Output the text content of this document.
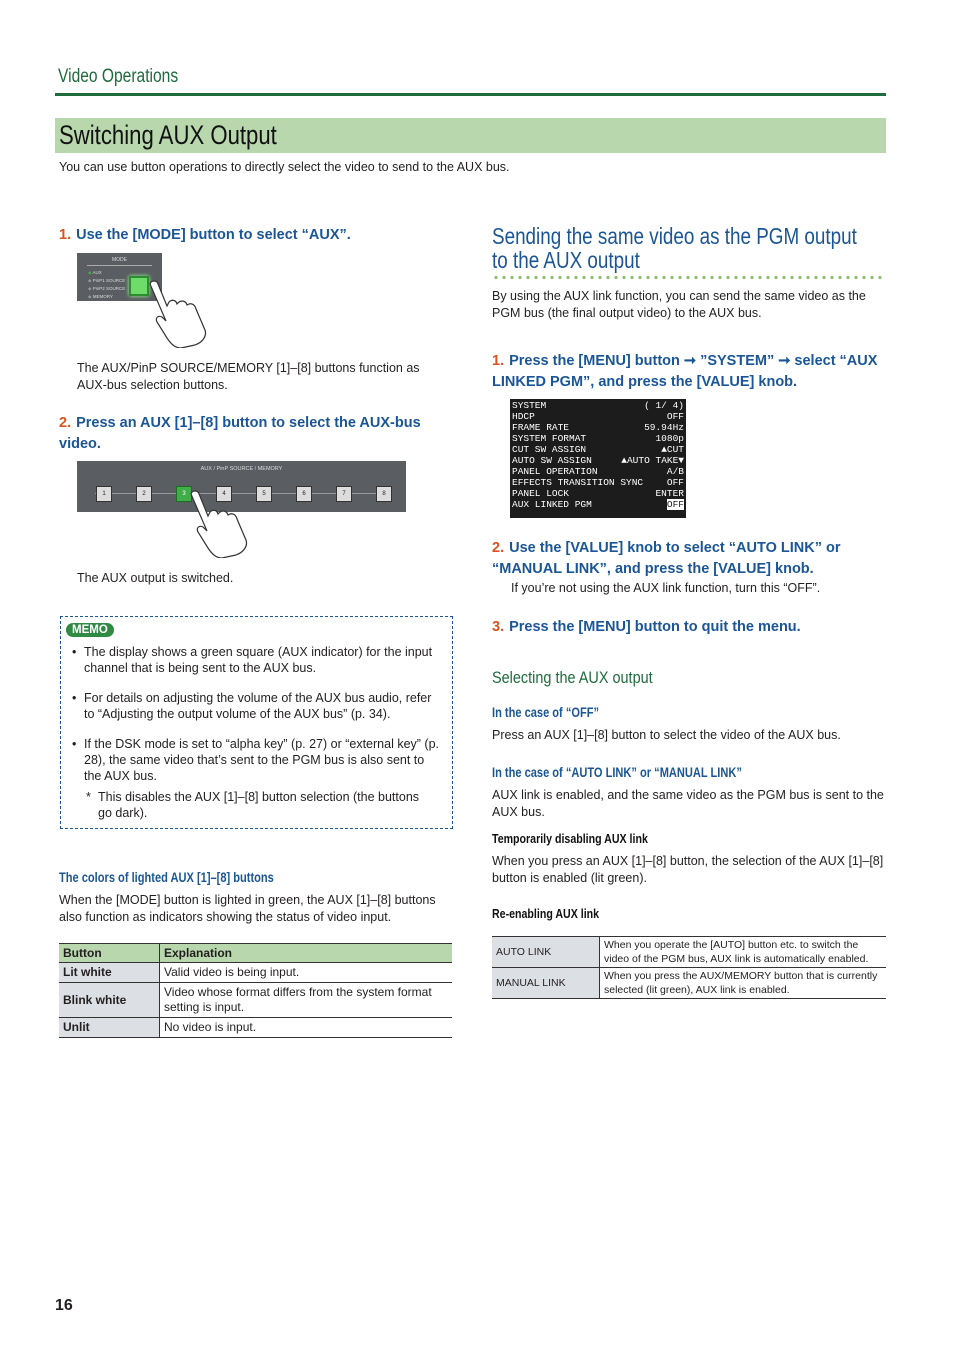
Video Operations
Switching AUX Output
You can use button operations to directly select the video to send to the AUX bus.
1. Use the [MODE] button to select “AUX”.
MODE
◆ AUX
◆ PinP1 SOURCE
◆ PinP2 SOURCE
◆ MEMORY
The AUX/PinP SOURCE/MEMORY [1]–[8] buttons function as AUX-bus selection buttons.
2. Press an AUX [1]–[8] button to select the AUX-bus video.
AUX / PinP SOURCE / MEMORY
1	2	3	4	5	6	7	8
The AUX output is switched.
MEMO
• The display shows a green square (AUX indicator) for the input channel that is being sent to the AUX bus.
• For details on adjusting the volume of the AUX bus audio, refer to “Adjusting the output volume of the AUX bus” (p. 34).
• If the DSK mode is set to “alpha key” (p. 27) or “external key” (p. 28), the same video that’s sent to the PGM bus is also sent to the AUX bus.
* This disables the AUX [1]–[8] button selection (the buttons go dark).
The colors of lighted AUX [1]–[8] buttons
When the [MODE] button is lighted in green, the AUX [1]–[8] buttons also function as indicators showing the status of video input.
Button	Explanation
Lit white	Valid video is being input.
Blink white	Video whose format differs from the system format setting is input.
Unlit	No video is input.
Sending the same video as the PGM output to the AUX output
By using the AUX link function, you can send the same video as the PGM bus (the final output video) to the AUX bus.
1. Press the [MENU] button ➞ ”SYSTEM” ➞ select “AUX LINKED PGM”, and press the [VALUE] knob.
SYSTEM	( 1/ 4)
HDCP	OFF
FRAME RATE	59.94Hz
SYSTEM FORMAT	1080p
CUT SW ASSIGN	▲CUT
AUTO SW ASSIGN	▲AUTO TAKE▼
PANEL OPERATION	A/B
EFFECTS TRANSITION SYNC	OFF
PANEL LOCK	ENTER
AUX LINKED PGM	OFF
2. Use the [VALUE] knob to select “AUTO LINK” or “MANUAL LINK”, and press the [VALUE] knob.
If you’re not using the AUX link function, turn this “OFF”.
3. Press the [MENU] button to quit the menu.
Selecting the AUX output
In the case of “OFF”
Press an AUX [1]–[8] button to select the video of the AUX bus.
In the case of “AUTO LINK” or “MANUAL LINK”
AUX link is enabled, and the same video as the PGM bus is sent to the AUX bus.
Temporarily disabling AUX link
When you press an AUX [1]–[8] button, the selection of the AUX [1]–[8] button is enabled (lit green).
Re-enabling AUX link
AUTO LINK	When you operate the [AUTO] button etc. to switch the video of the PGM bus, AUX link is automatically enabled.
MANUAL LINK	When you press the AUX/MEMORY button that is currently selected (lit green), AUX link is enabled.
16
